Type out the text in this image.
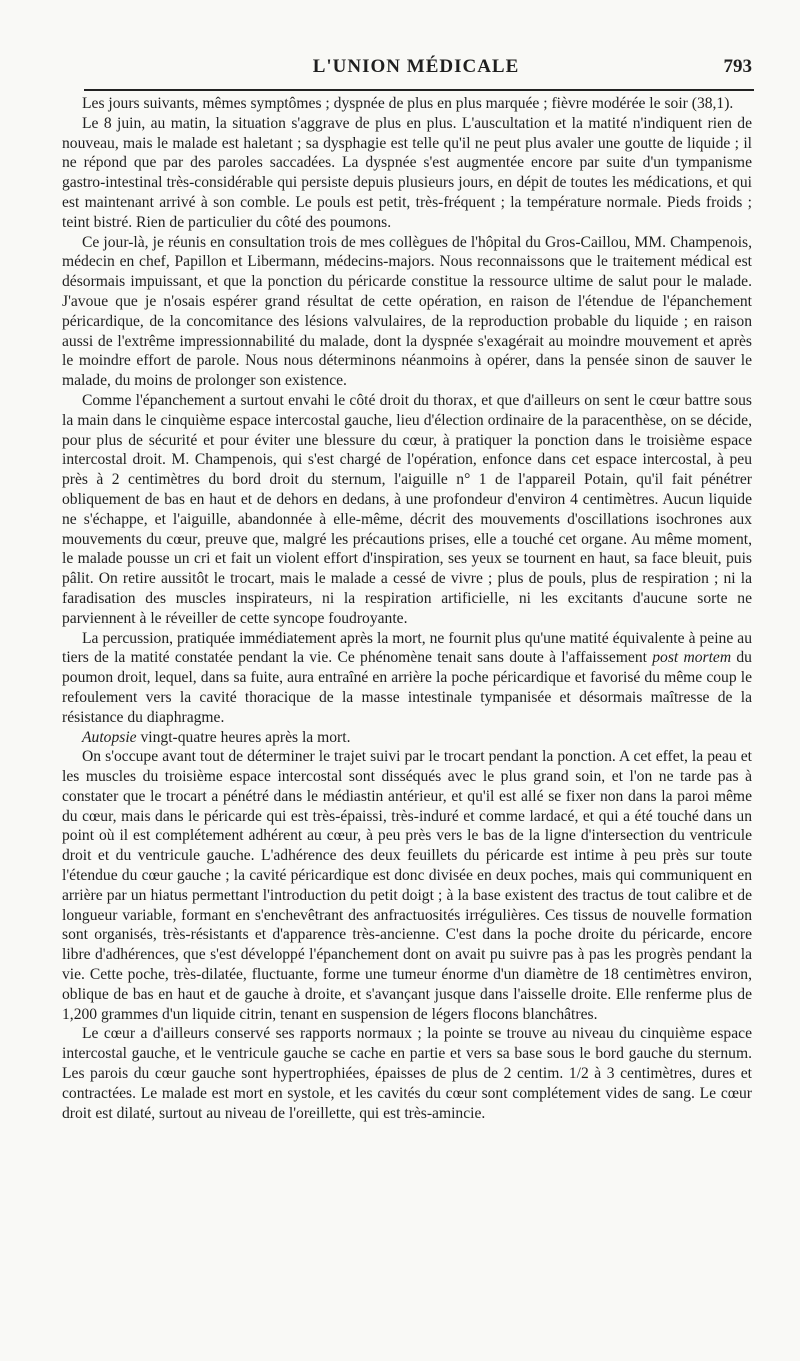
L'UNION MÉDICALE	793

Les jours suivants, mêmes symptômes ; dyspnée de plus en plus marquée ; fièvre modérée le soir (38,1).

Le 8 juin, au matin, la situation s'aggrave de plus en plus. L'auscultation et la matité n'indiquent rien de nouveau, mais le malade est haletant ; sa dysphagie est telle qu'il ne peut plus avaler une goutte de liquide ; il ne répond que par des paroles saccadées. La dyspnée s'est augmentée encore par suite d'un tympanisme gastro-intestinal très-considérable qui persiste depuis plusieurs jours, en dépit de toutes les médications, et qui est maintenant arrivé à son comble. Le pouls est petit, très-fréquent ; la température normale. Pieds froids ; teint bistré. Rien de particulier du côté des poumons.

Ce jour-là, je réunis en consultation trois de mes collègues de l'hôpital du Gros-Caillou, MM. Champenois, médecin en chef, Papillon et Libermann, médecins-majors. Nous reconnaissons que le traitement médical est désormais impuissant, et que la ponction du péricarde constitue la ressource ultime de salut pour le malade. J'avoue que je n'osais espérer grand résultat de cette opération, en raison de l'étendue de l'épanchement péricardique, de la concomitance des lésions valvulaires, de la reproduction probable du liquide ; en raison aussi de l'extrême impressionnabilité du malade, dont la dyspnée s'exagérait au moindre mouvement et après le moindre effort de parole. Nous nous déterminons néanmoins à opérer, dans la pensée sinon de sauver le malade, du moins de prolonger son existence.

Comme l'épanchement a surtout envahi le côté droit du thorax, et que d'ailleurs on sent le cœur battre sous la main dans le cinquième espace intercostal gauche, lieu d'élection ordinaire de la paracenthèse, on se décide, pour plus de sécurité et pour éviter une blessure du cœur, à pratiquer la ponction dans le troisième espace intercostal droit. M. Champenois, qui s'est chargé de l'opération, enfonce dans cet espace intercostal, à peu près à 2 centimètres du bord droit du sternum, l'aiguille n° 1 de l'appareil Potain, qu'il fait pénétrer obliquement de bas en haut et de dehors en dedans, à une profondeur d'environ 4 centimètres. Aucun liquide ne s'échappe, et l'aiguille, abandonnée à elle-même, décrit des mouvements d'oscillations isochrones aux mouvements du cœur, preuve que, malgré les précautions prises, elle a touché cet organe. Au même moment, le malade pousse un cri et fait un violent effort d'inspiration, ses yeux se tournent en haut, sa face bleuit, puis pâlit. On retire aussitôt le trocart, mais le malade a cessé de vivre ; plus de pouls, plus de respiration ; ni la faradisation des muscles inspirateurs, ni la respiration artificielle, ni les excitants d'aucune sorte ne parviennent à le réveiller de cette syncope foudroyante.

La percussion, pratiquée immédiatement après la mort, ne fournit plus qu'une matité équivalente à peine au tiers de la matité constatée pendant la vie. Ce phénomène tenait sans doute à l'affaissement post mortem du poumon droit, lequel, dans sa fuite, aura entraîné en arrière la poche péricardique et favorisé du même coup le refoulement vers la cavité thoracique de la masse intestinale tympanisée et désormais maîtresse de la résistance du diaphragme.

Autopsie vingt-quatre heures après la mort.

On s'occupe avant tout de déterminer le trajet suivi par le trocart pendant la ponction. A cet effet, la peau et les muscles du troisième espace intercostal sont disséqués avec le plus grand soin, et l'on ne tarde pas à constater que le trocart a pénétré dans le médiastin antérieur, et qu'il est allé se fixer non dans la paroi même du cœur, mais dans le péricarde qui est très-épaissi, très-induré et comme lardacé, et qui a été touché dans un point où il est complétement adhérent au cœur, à peu près vers le bas de la ligne d'intersection du ventricule droit et du ventricule gauche. L'adhérence des deux feuillets du péricarde est intime à peu près sur toute l'étendue du cœur gauche ; la cavité péricardique est donc divisée en deux poches, mais qui communiquent en arrière par un hiatus permettant l'introduction du petit doigt ; à la base existent des tractus de tout calibre et de longueur variable, formant en s'enchevêtrant des anfractuosités irrégulières. Ces tissus de nouvelle formation sont organisés, très-résistants et d'apparence très-ancienne. C'est dans la poche droite du péricarde, encore libre d'adhérences, que s'est développé l'épanchement dont on avait pu suivre pas à pas les progrès pendant la vie. Cette poche, très-dilatée, fluctuante, forme une tumeur énorme d'un diamètre de 18 centimètres environ, oblique de bas en haut et de gauche à droite, et s'avançant jusque dans l'aisselle droite. Elle renferme plus de 1,200 grammes d'un liquide citrin, tenant en suspension de légers flocons blanchâtres.

Le cœur a d'ailleurs conservé ses rapports normaux ; la pointe se trouve au niveau du cinquième espace intercostal gauche, et le ventricule gauche se cache en partie et vers sa base sous le bord gauche du sternum. Les parois du cœur gauche sont hypertrophiées, épaisses de plus de 2 centim. 1/2 à 3 centimètres, dures et contractées. Le malade est mort en systole, et les cavités du cœur sont complétement vides de sang. Le cœur droit est dilaté, surtout au niveau de l'oreillette, qui est très-amincie.
